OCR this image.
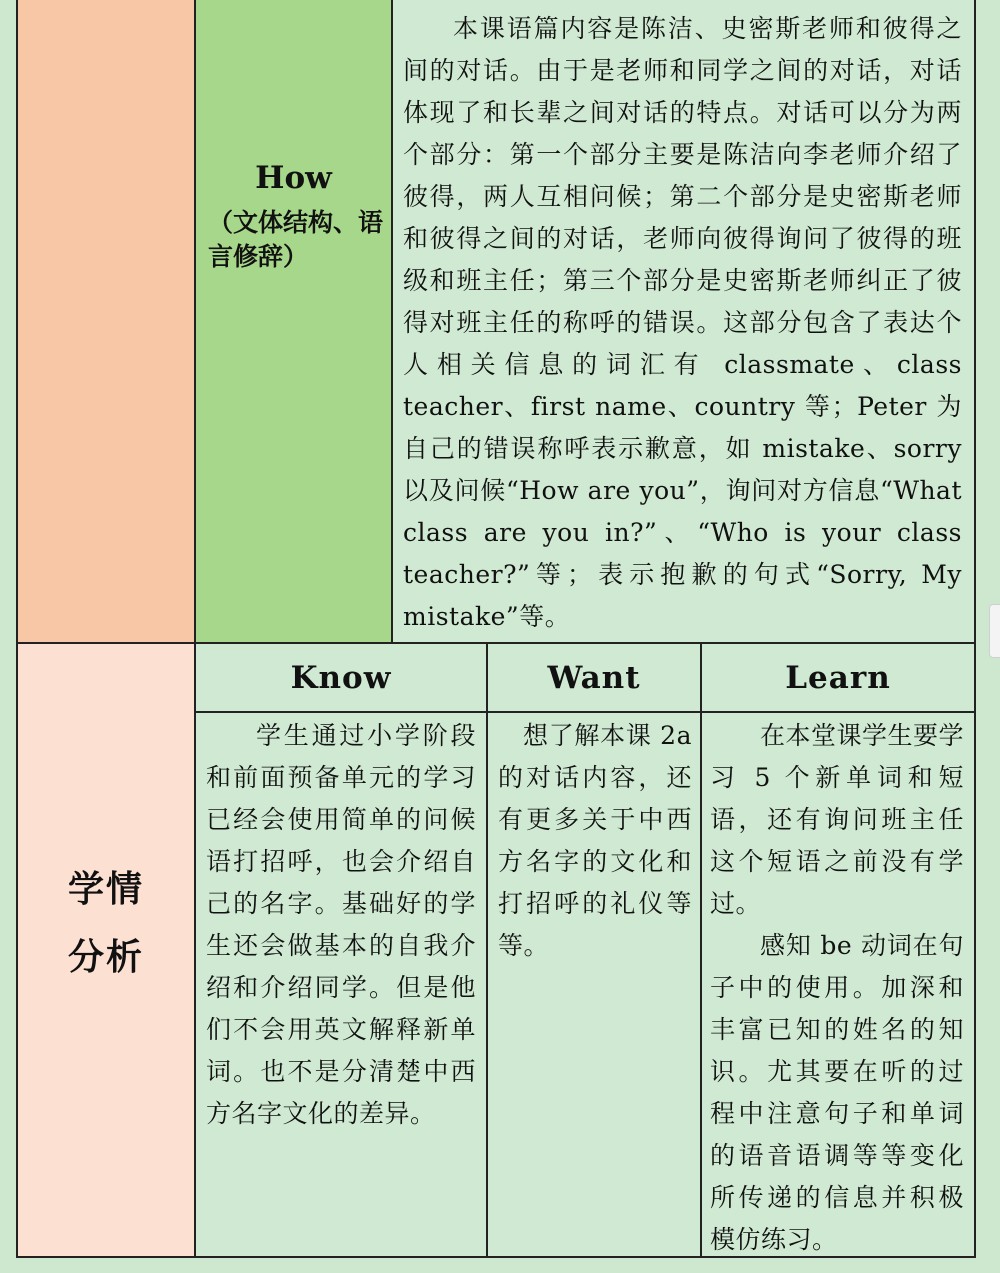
How
（文体结构、语言修辞）

本课语篇内容是陈洁、史密斯老师和彼得之间的对话。由于是老师和同学之间的对话，对话体现了和长辈之间对话的特点。对话可以分为两个部分：第一个部分主要是陈洁向李老师介绍了彼得，两人互相问候；第二个部分是史密斯老师和彼得之间的对话，老师向彼得询问了彼得的班级和班主任；第三个部分是史密斯老师纠正了彼得对班主任的称呼的错误。这部分包含了表达个人相关信息的词汇有 classmate、class teacher、first name、country 等；Peter 为自己的错误称呼表示歉意，如 mistake、sorry 以及问候“How are you”，询问对方信息“What class are you in?”、“Who is your class teacher?”等；表示抱歉的句式“Sorry, My mistake”等。

学情
分析
Know	Want	Learn

学生通过小学阶段和前面预备单元的学习已经会使用简单的问候语打招呼，也会介绍自己的名字。基础好的学生还会做基本的自我介绍和介绍同学。但是他们不会用英文解释新单词。也不是分清楚中西方名字文化的差异。

想了解本课 2a 的对话内容，还有更多关于中西方名字的文化和打招呼的礼仪等等。

在本堂课学生要学习 5 个新单词和短语，还有询问班主任这个短语之前没有学过。

感知 be 动词在句子中的使用。加深和丰富已知的姓名的知识。尤其要在听的过程中注意句子和单词的语音语调等等变化所传递的信息并积极模仿练习。
